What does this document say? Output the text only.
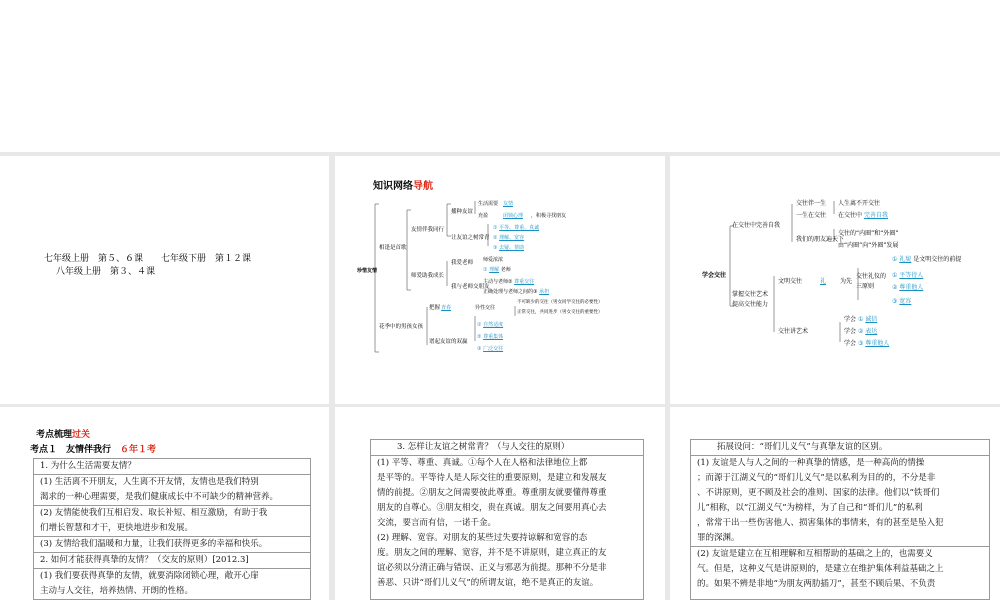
七年级上册　第５、６课　　七年级下册　第１２课
八年级上册　第３、４课
知识网络导航
珍惜友情
相逢是首歌
花季中的男孩女孩
友情伴我同行
师爱助我成长
把握
谱起友谊的双赢
播种友谊
生活需要
充盈
让友谊之树常青
友情
闭锁心理 ，积极寻找朋友
① 平等、尊重、真诚
② 理解、宽容
③ 去疑、帮助
我爱老师
我与老师交朋友
师爱浓浓
① 理解 老师
主动与老师② 尊重交往
正确处理与老师之间的③ 承担
青春	异性交往
不可缺少的交往（男女同学交往的必要性）
正常交往，共同进步（男女交往的重要性）
① 自然适度
② 尊重集体
③ 广泛交往
学会交往
在交往中完善自我
掌握交往艺术提高交往能力
交往伴一生
一生在交往
我们的朋友遍天下
人生离不开交往
在交往中 完善自我
交往的“内圈”和“外圈”
由“内圈”向“外圈”发展
文明交往	礼 为先
交往礼仪的三原则
① 礼貌 是文明交往的前提
① 平等待人
② 尊重他人
③ 宽容
交往讲艺术
学会 ① 诚信
学会 ② 表达
学会 ③ 尊重他人
考点梳理过关
考点１　友情伴我行　 ６年１考
1. 为什么生活需要友情？
(1) 生活离不开朋友，人生离不开友情，友情也是我们特别
渴求的一种心理需要，是我们健康成长中不可缺少的精神营养。
(2) 友情能使我们互相启发、取长补短、相互激励，有助于我
们增长智慧和才干，更快地进步和发展。
(3) 友情给我们温暖和力量，让我们获得更多的幸福和快乐。
2. 如何才能获得真挚的友情？（交友的原则）[2012.3]
(1) 我们要获得真挚的友情，就要消除闭锁心理，敞开心扉
主动与人交往，培养热情、开朗的性格。
3. 怎样让友谊之树常青？（与人交往的原则）
(1) 平等、尊重、真诚。①每个人在人格和法律地位上都
是平等的。平等待人是人际交往的重要原则，是建立和发展友
情的前提。②朋友之间需要彼此尊重。尊重朋友就要懂得尊重
朋友的自尊心。③朋友相交，贵在真诚。朋友之间要用真心去
交流，要言而有信，一诺千金。
(2) 理解、宽容。对朋友的某些过失要持谅解和宽容的态
度。朋友之间的理解、宽容，并不是不讲原则，建立真正的友
谊必须以分清正确与错误、正义与邪恶为前提。那种不分是非
善恶、只讲“哥们儿义气”的所谓友谊，绝不是真正的友谊。
拓展设问：“哥们儿义气”与真挚友谊的区别。
(1) 友谊是人与人之间的一种真挚的情感，是一种高尚的情操
；而源于江湖义气的“哥们儿义气”是以私利为目的的，不分是非
、不讲原则，更不顾及社会的准则、国家的法律。他们以“铁哥们
儿”相称，以“江湖义气”为榜样，为了自己和“哥们儿”的私利
，常常干出一些伤害他人、损害集体的事情来，有的甚至是坠入犯
罪的深渊。
(2) 友谊是建立在互相理解和互相帮助的基础之上的，也需要义
气。但是，这种义气是讲原则的，是建立在维护集体利益基础之上
的。如果不辨是非地“为朋友两肋插刀”，甚至不顾后果、不负责
